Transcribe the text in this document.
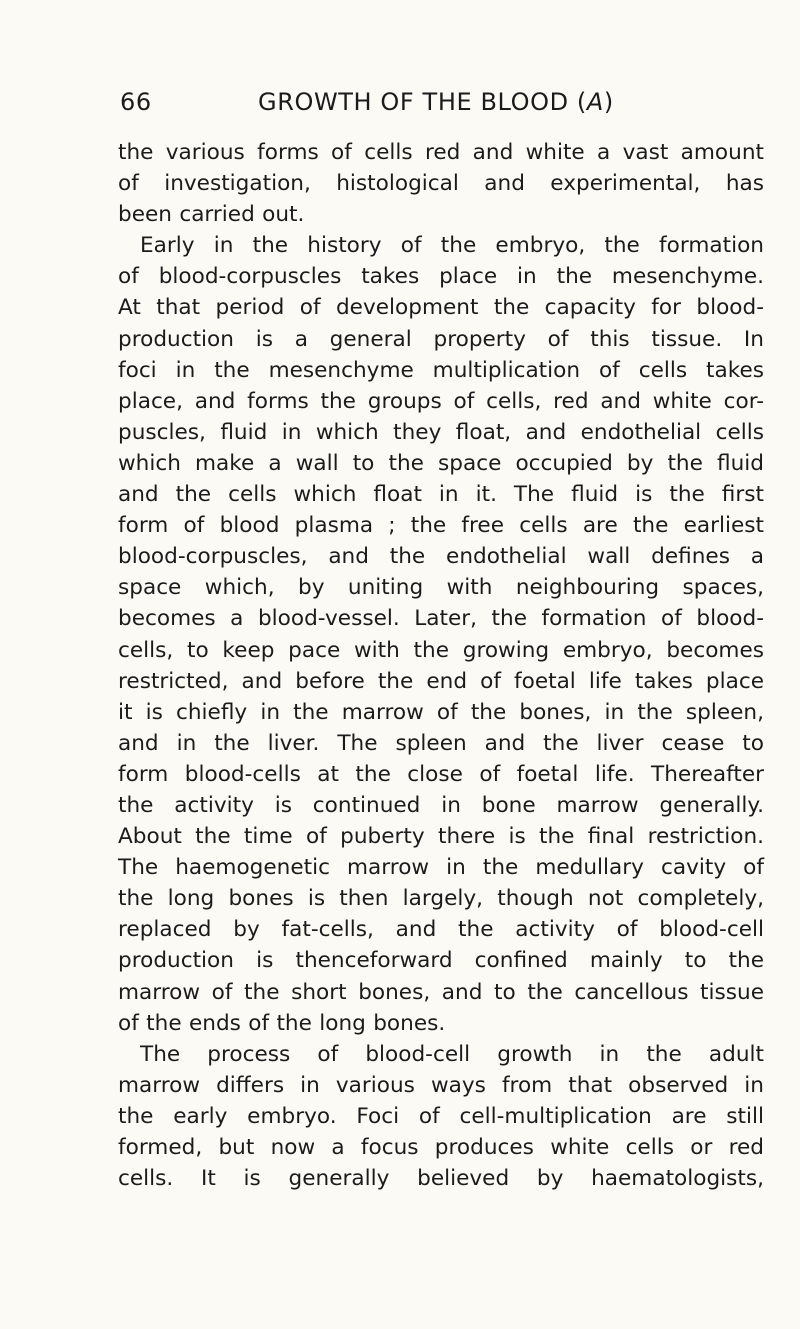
66	GROWTH OF THE BLOOD (A)
the various forms of cells red and white a vast amount
of investigation, histological and experimental, has
been carried out.
Early in the history of the embryo, the formation
of blood-corpuscles takes place in the mesenchyme.
At that period of development the capacity for blood-
production is a general property of this tissue. In
foci in the mesenchyme multiplication of cells takes
place, and forms the groups of cells, red and white cor-
puscles, fluid in which they float, and endothelial cells
which make a wall to the space occupied by the fluid
and the cells which float in it. The fluid is the first
form of blood plasma ; the free cells are the earliest
blood-corpuscles, and the endothelial wall defines a
space which, by uniting with neighbouring spaces,
becomes a blood-vessel. Later, the formation of blood-
cells, to keep pace with the growing embryo, becomes
restricted, and before the end of foetal life takes place
it is chiefly in the marrow of the bones, in the spleen,
and in the liver. The spleen and the liver cease to
form blood-cells at the close of foetal life. Thereafter
the activity is continued in bone marrow generally.
About the time of puberty there is the final restriction.
The haemogenetic marrow in the medullary cavity of
the long bones is then largely, though not completely,
replaced by fat-cells, and the activity of blood-cell
production is thenceforward confined mainly to the
marrow of the short bones, and to the cancellous tissue
of the ends of the long bones.
The process of blood-cell growth in the adult
marrow differs in various ways from that observed in
the early embryo. Foci of cell-multiplication are still
formed, but now a focus produces white cells or red
cells. It is generally believed by haematologists,
